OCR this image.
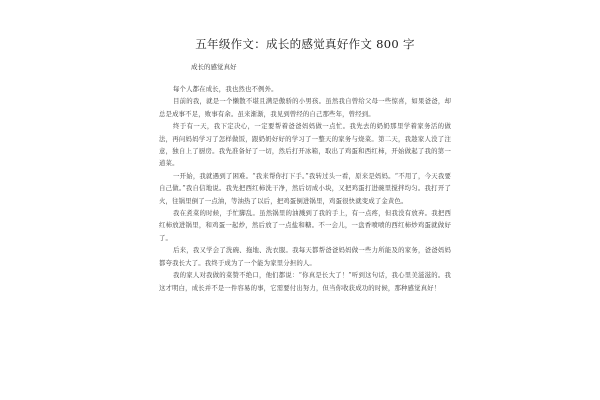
五年级作文：成长的感觉真好作文 800 字
成长的感觉真好

每个人都在成长，我也然也不例外。

目前的我，就是一个懒散不堪且满是傲骄的小男孩。虽然我自曾给父母一些惊喜，如果爸爸，却总是成事不足，败事有余。虽来渐渐，我见到曾经的自己那些年，曾经到。

终于有一天，我下定决心，一定要帮着爸爸妈妈做一点忙。我先去的奶奶那里学着家务活的做法，再问妈妈学习了怎样做饭，跟奶奶好好的学习了一整天的家务与烧菜。第二天，我趁家人没了注意，独自上了厨房。我先准备好了一切，然后打开冰箱，取出了鸡蛋和西红柿，开始做起了我的第一道菜。

一开始，我就遇到了困难。“我来帮你打下手。”我转过头一看，原来是妈妈。“不用了，今天我要自己做。”我自信地说。我先把西红柿洗干净，然后切成小块，又把鸡蛋打进碗里搅拌均匀。我打开了火，往锅里倒了一点油，等油热了以后，把鸡蛋倒进锅里，鸡蛋很快就变成了金黄色。

我在煮菜的时候，手忙脚乱。虽然锅里的油溅到了我的手上，有一点疼，但我没有放弃。我把西红柿放进锅里，和鸡蛋一起炒，然后放了一点盐和糖。不一会儿，一盘香喷喷的西红柿炒鸡蛋就做好了。

后来，我又学会了洗碗、拖地、洗衣服。我每天都帮爸爸妈妈做一些力所能及的家务，爸爸妈妈都夸我长大了。我终于成为了一个能为家里分担的人。

我的家人对我做的菜赞不绝口，他们都说：“你真是长大了！”听到这句话，我心里美滋滋的。我这才明白，成长并不是一件容易的事，它需要付出努力，但当你收获成功的时候，那种感觉真好！
